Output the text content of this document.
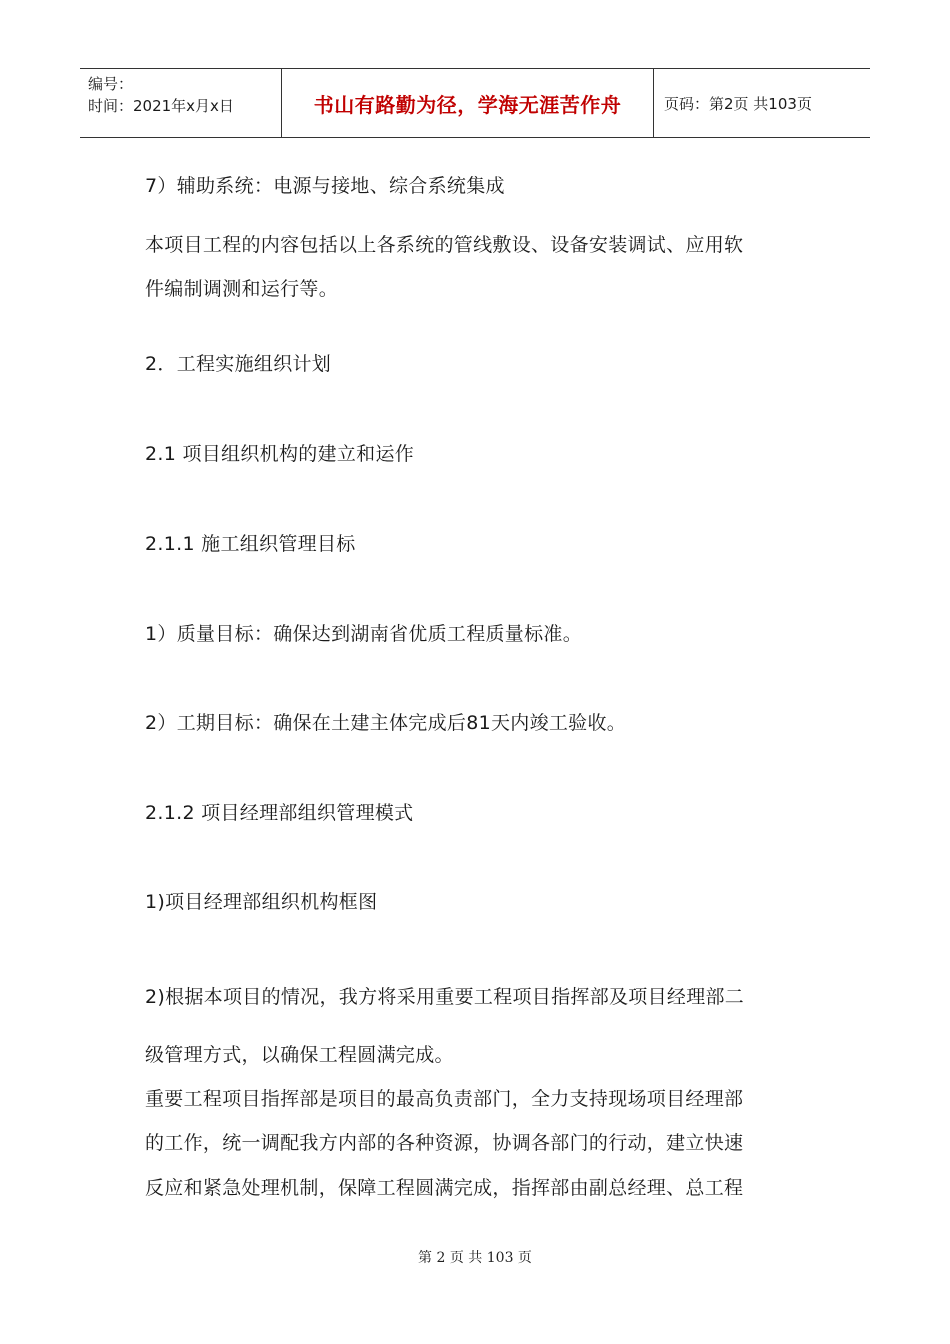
编号：
时间：2021年x月x日	书山有路勤为径，学海无涯苦作舟	页码：第2页 共103页
7）辅助系统：电源与接地、综合系统集成
本项目工程的内容包括以上各系统的管线敷设、设备安装调试、应用软
件编制调测和运行等。
2．工程实施组织计划
2.1 项目组织机构的建立和运作
2.1.1 施工组织管理目标
1）质量目标：确保达到湖南省优质工程质量标准。
2）工期目标：确保在土建主体完成后81天内竣工验收。
2.1.2 项目经理部组织管理模式
1)项目经理部组织机构框图
2)根据本项目的情况，我方将采用重要工程项目指挥部及项目经理部二
级管理方式，以确保工程圆满完成。
重要工程项目指挥部是项目的最高负责部门，全力支持现场项目经理部
的工作，统一调配我方内部的各种资源，协调各部门的行动，建立快速
反应和紧急处理机制，保障工程圆满完成，指挥部由副总经理、总工程
第 2 页 共 103 页
